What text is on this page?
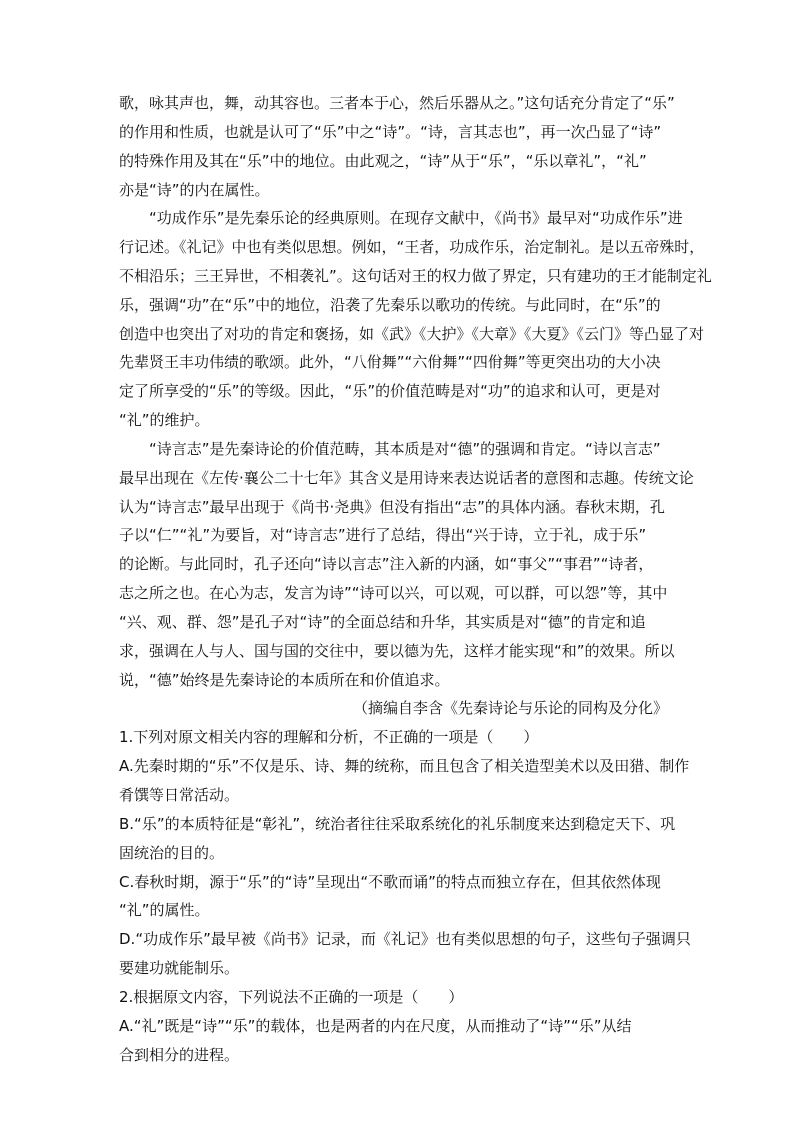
歌，咏其声也，舞，动其容也。三者本于心，然后乐器从之。”这句话充分肯定了“乐”
的作用和性质，也就是认可了“乐”中之“诗”。“诗，言其志也”，再一次凸显了“诗”
的特殊作用及其在“乐”中的地位。由此观之，“诗”从于“乐”，“乐以章礼”，“礼”
亦是“诗”的内在属性。
“功成作乐”是先秦乐论的经典原则。在现存文献中，《尚书》最早对“功成作乐”进
行记述。《礼记》中也有类似思想。例如，“王者，功成作乐，治定制礼。是以五帝殊时，
不相沿乐；三王异世，不相袭礼”。这句话对王的权力做了界定，只有建功的王才能制定礼
乐，强调“功”在“乐”中的地位，沿袭了先秦乐以歌功的传统。与此同时，在“乐”的
创造中也突出了对功的肯定和褒扬，如《武》《大护》《大章》《大夏》《云门》等凸显了对
先辈贤王丰功伟绩的歌颂。此外，“八佾舞”“六佾舞”“四佾舞”等更突出功的大小决
定了所享受的“乐”的等级。因此，“乐”的价值范畴是对“功”的追求和认可，更是对
“礼”的维护。
“诗言志”是先秦诗论的价值范畴，其本质是对“德”的强调和肯定。“诗以言志”
最早出现在《左传·襄公二十七年》其含义是用诗来表达说话者的意图和志趣。传统文论
认为“诗言志”最早出现于《尚书·尧典》但没有指出“志”的具体内涵。春秋末期，孔
子以“仁”“礼”为要旨，对“诗言志”进行了总结，得出“兴于诗，立于礼，成于乐”
的论断。与此同时，孔子还向“诗以言志”注入新的内涵，如“事父”“事君”“诗者，
志之所之也。在心为志，发言为诗”“诗可以兴，可以观，可以群，可以怨”等，其中
“兴、观、群、怨”是孔子对“诗”的全面总结和升华，其实质是对“德”的肯定和追
求，强调在人与人、国与国的交往中，要以德为先，这样才能实现“和”的效果。所以
说，“德”始终是先秦诗论的本质所在和价值追求。
（摘编自李含《先秦诗论与乐论的同构及分化》
1.下列对原文相关内容的理解和分析，不正确的一项是（　　）
A.先秦时期的“乐”不仅是乐、诗、舞的统称，而且包含了相关造型美术以及田猎、制作
肴馔等日常活动。
B.“乐”的本质特征是“彰礼”，统治者往往采取系统化的礼乐制度来达到稳定天下、巩
固统治的目的。
C.春秋时期，源于“乐”的“诗”呈现出“不歌而诵”的特点而独立存在，但其依然体现
“礼”的属性。
D.“功成作乐”最早被《尚书》记录，而《礼记》也有类似思想的句子，这些句子强调只
要建功就能制乐。
2.根据原文内容，下列说法不正确的一项是（　　）
A.“礼”既是“诗”“乐”的载体，也是两者的内在尺度，从而推动了“诗”“乐”从结
合到相分的进程。
